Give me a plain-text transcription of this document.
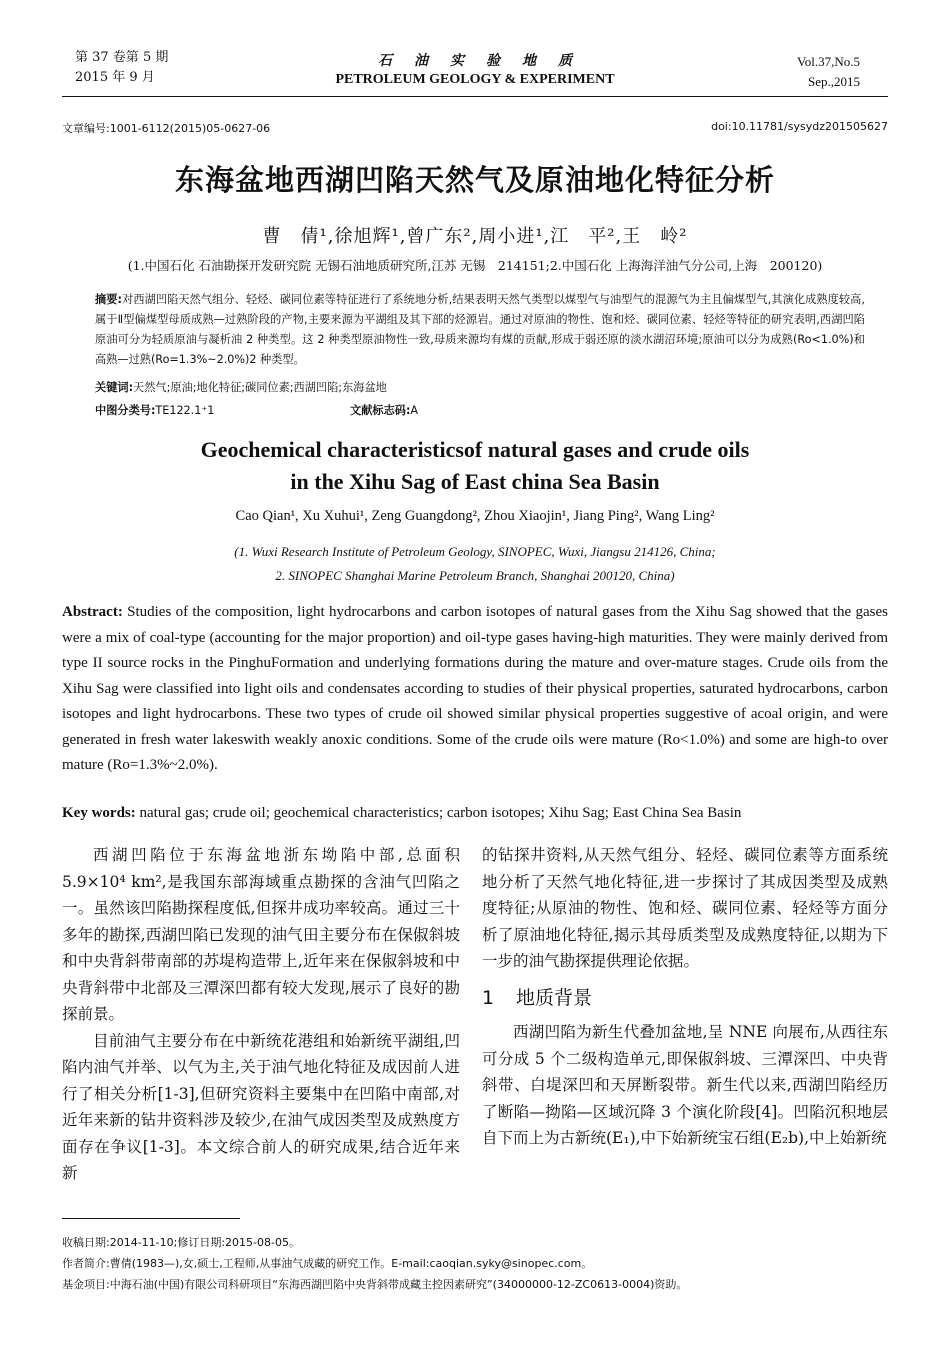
第 37 卷第 5 期
2015 年 9 月
石油实验地质
PETROLEUM GEOLOGY & EXPERIMENT
Vol.37,No.5
Sep.,2015
文章编号:1001-6112(2015)05-0627-06	doi:10.11781/sysydz201505627
东海盆地西湖凹陷天然气及原油地化特征分析
曹　倩¹,徐旭辉¹,曾广东²,周小进¹,江　平²,王　岭²
(1.中国石化 石油勘探开发研究院 无锡石油地质研究所,江苏 无锡　214151;2.中国石化 上海海洋油气分公司,上海　200120)
摘要:对西湖凹陷天然气组分、轻烃、碳同位素等特征进行了系统地分析,结果表明天然气类型以煤型气与油型气的混源气为主且偏煤型气,其演化成熟度较高,属于Ⅱ型偏煤型母质成熟—过熟阶段的产物,主要来源为平湖组及其下部的烃源岩。通过对原油的物性、饱和烃、碳同位素、轻烃等特征的研究表明,西湖凹陷原油可分为轻质原油与凝析油 2 种类型。这 2 种类型原油物性一致,母质来源均有煤的贡献,形成于弱还原的淡水湖沼环境;原油可以分为成熟(Ro<1.0%)和高熟—过熟(Ro=1.3%~2.0%)2 种类型。
关键词:天然气;原油;地化特征;碳同位素;西湖凹陷;东海盆地
中图分类号:TE122.1⁺1	文献标志码:A
Geochemical characteristicsof natural gases and crude oils
in the Xihu Sag of East china Sea Basin
Cao Qian¹, Xu Xuhui¹, Zeng Guangdong², Zhou Xiaojin¹, Jiang Ping², Wang Ling²
(1. Wuxi Research Institute of Petroleum Geology, SINOPEC, Wuxi, Jiangsu 214126, China;
2. SINOPEC Shanghai Marine Petroleum Branch, Shanghai 200120, China)
Abstract: Studies of the composition, light hydrocarbons and carbon isotopes of natural gases from the Xihu Sag showed that the gases were a mix of coal-type (accounting for the major proportion) and oil-type gases having-high maturities. They were mainly derived from type II source rocks in the PinghuFormation and underlying formations during the mature and over-mature stages. Crude oils from the Xihu Sag were classified into light oils and condensates according to studies of their physical properties, saturated hydrocarbons, carbon isotopes and light hydrocarbons. These two types of crude oil showed similar physical properties suggestive of acoal origin, and were generated in fresh water lakeswith weakly anoxic conditions. Some of the crude oils were mature (Ro<1.0%) and some are high-to over mature (Ro=1.3%~2.0%).
Key words: natural gas; crude oil; geochemical characteristics; carbon isotopes; Xihu Sag; East China Sea Basin

西湖凹陷位于东海盆地浙东坳陷中部,总面积 5.9×10⁴ km²,是我国东部海域重点勘探的含油气凹陷之一。虽然该凹陷勘探程度低,但探井成功率较高。通过三十多年的勘探,西湖凹陷已发现的油气田主要分布在保俶斜坡和中央背斜带南部的苏堤构造带上,近年来在保俶斜坡和中央背斜带中北部及三潭深凹都有较大发现,展示了良好的勘探前景。

目前油气主要分布在中新统花港组和始新统平湖组,凹陷内油气并举、以气为主,关于油气地化特征及成因前人进行了相关分析[1-3],但研究资料主要集中在凹陷中南部,对近年来新的钻井资料涉及较少,在油气成因类型及成熟度方面存在争议[1-3]。本文综合前人的研究成果,结合近年来新

的钻探井资料,从天然气组分、轻烃、碳同位素等方面系统地分析了天然气地化特征,进一步探讨了其成因类型及成熟度特征;从原油的物性、饱和烃、碳同位素、轻烃等方面分析了原油地化特征,揭示其母质类型及成熟度特征,以期为下一步的油气勘探提供理论依据。

1 地质背景

西湖凹陷为新生代叠加盆地,呈 NNE 向展布,从西往东可分成 5 个二级构造单元,即保俶斜坡、三潭深凹、中央背斜带、白堤深凹和天屏断裂带。新生代以来,西湖凹陷经历了断陷—拗陷—区域沉降 3 个演化阶段[4]。凹陷沉积地层自下而上为古新统(E₁),中下始新统宝石组(E₂b),中上始新统

收稿日期:2014-11-10;修订日期:2015-08-05。
作者简介:曹倩(1983—),女,硕士,工程师,从事油气成藏的研究工作。E-mail:caoqian.syky@sinopec.com。
基金项目:中海石油(中国)有限公司科研项目“东海西湖凹陷中央背斜带成藏主控因素研究”(34000000-12-ZC0613-0004)资助。
